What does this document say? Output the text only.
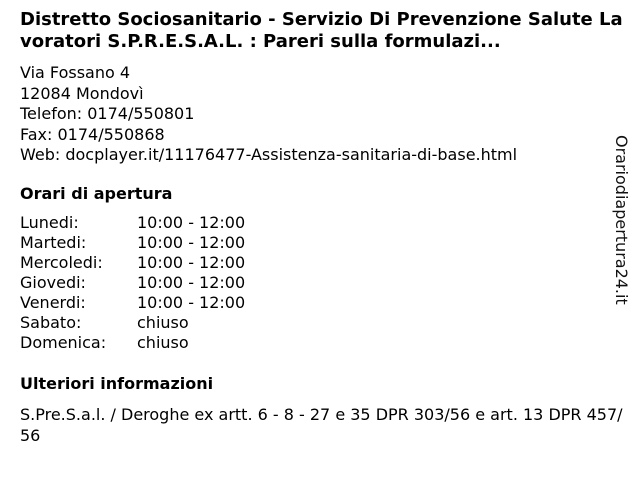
Distretto Sociosanitario - Servizio Di Prevenzione Salute Lavoratori S.P.R.E.S.A.L. : Pareri sulla formulazi...
Via Fossano 4
12084 Mondovì
Telefon: 0174/550801
Fax: 0174/550868
Web: docplayer.it/11176477-Assistenza-sanitaria-di-base.html
Orari di apertura
Lunedi:	10:00 - 12:00
Martedi:	10:00 - 12:00
Mercoledi:	10:00 - 12:00
Giovedi:	10:00 - 12:00
Venerdi:	10:00 - 12:00
Sabato:	chiuso
Domenica:	chiuso
Ulteriori informazioni
S.Pre.S.a.l. / Deroghe ex artt. 6 - 8 - 27 e 35 DPR 303/56 e art. 13 DPR 457/56
Orariodiapertura24.it
